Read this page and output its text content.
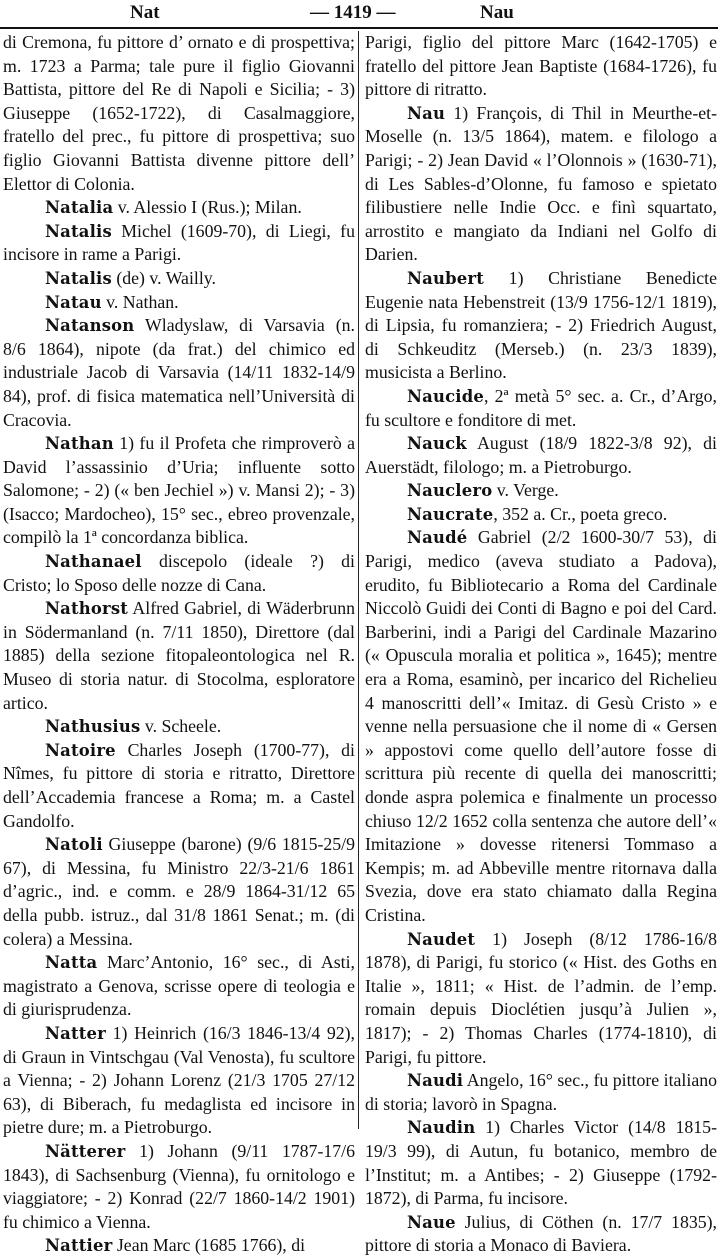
Nat	— 1419 —	Nau

di Cremona, fu pittore d’ ornato e di prospettiva; m. 1723 a Parma; tale pure il figlio Giovanni Battista, pittore del Re di Napoli e Sicilia; - 3) Giuseppe (1652-1722), di Casalmaggiore, fratello del prec., fu pittore di prospettiva; suo figlio Giovanni Battista divenne pittore dell’ Elettor di Colonia.

Natalia v. Alessio I (Rus.); Milan.

Natalis Michel (1609-70), di Liegi, fu incisore in rame a Parigi.

Natalis (de) v. Wailly.

Natau v. Nathan.

Natanson Wladyslaw, di Varsavia (n. 8/6 1864), nipote (da frat.) del chimico ed industriale Jacob di Varsavia (14/11 1832-14/9 84), prof. di fisica matematica nell’Università di Cracovia.

Nathan 1) fu il Profeta che rimproverò a David l’assassinio d’Uria; influente sotto Salomone; - 2) (« ben Jechiel ») v. Mansi 2); - 3) (Isacco; Mardocheo), 15° sec., ebreo provenzale, compilò la 1ª concordanza biblica.

Nathanael discepolo (ideale ?) di Cristo; lo Sposo delle nozze di Cana.

Nathorst Alfred Gabriel, di Wäderbrunn in Södermanland (n. 7/11 1850), Direttore (dal 1885) della sezione fitopaleontologica nel R. Museo di storia natur. di Stocolma, esploratore artico.

Nathusius v. Scheele.

Natoire Charles Joseph (1700-77), di Nîmes, fu pittore di storia e ritratto, Direttore dell’Accademia francese a Roma; m. a Castel Gandolfo.

Natoli Giuseppe (barone) (9/6 1815-25/9 67), di Messina, fu Ministro 22/3-21/6 1861 d’agric., ind. e comm. e 28/9 1864-31/12 65 della pubb. istruz., dal 31/8 1861 Senat.; m. (di colera) a Messina.

Natta Marc’Antonio, 16° sec., di Asti, magistrato a Genova, scrisse opere di teologia e di giurisprudenza.

Natter 1) Heinrich (16/3 1846-13/4 92), di Graun in Vintschgau (Val Venosta), fu scultore a Vienna; - 2) Johann Lorenz (21/3 1705 27/12 63), di Biberach, fu medaglista ed incisore in pietre dure; m. a Pietroburgo.

Nätterer 1) Johann (9/11 1787-17/6 1843), di Sachsenburg (Vienna), fu ornitologo e viaggiatore; - 2) Konrad (22/7 1860-14/2 1901) fu chimico a Vienna.

Nattier Jean Marc (1685 1766), di

Parigi, figlio del pittore Marc (1642-1705) e fratello del pittore Jean Baptiste (1684-1726), fu pittore di ritratto.

Nau 1) François, di Thil in Meurthe-et-Moselle (n. 13/5 1864), matem. e filologo a Parigi; - 2) Jean David « l’Olonnois » (1630-71), di Les Sables-d’Olonne, fu famoso e spietato filibustiere nelle Indie Occ. e finì squartato, arrostito e mangiato da Indiani nel Golfo di Darien.

Naubert 1) Christiane Benedicte Eugenie nata Hebenstreit (13/9 1756-12/1 1819), di Lipsia, fu romanziera; - 2) Friedrich August, di Schkeuditz (Merseb.) (n. 23/3 1839), musicista a Berlino.

Naucide, 2ª metà 5° sec. a. Cr., d’Argo, fu scultore e fonditore di met.

Nauck August (18/9 1822-3/8 92), di Auerstädt, filologo; m. a Pietroburgo.

Nauclero v. Verge.

Naucrate, 352 a. Cr., poeta greco.

Naudé Gabriel (2/2 1600-30/7 53), di Parigi, medico (aveva studiato a Padova), erudito, fu Bibliotecario a Roma del Cardinale Niccolò Guidi dei Conti di Bagno e poi del Card. Barberini, indi a Parigi del Cardinale Mazarino (« Opuscula moralia et politica », 1645); mentre era a Roma, esaminò, per incarico del Richelieu 4 manoscritti dell’« Imitaz. di Gesù Cristo » e venne nella persuasione che il nome di « Gersen » appostovi come quello dell’autore fosse di scrittura più recente di quella dei manoscritti; donde aspra polemica e finalmente un processo chiuso 12/2 1652 colla sentenza che autore dell’« Imitazione » dovesse ritenersi Tommaso a Kempis; m. ad Abbeville mentre ritornava dalla Svezia, dove era stato chiamato dalla Regina Cristina.

Naudet 1) Joseph (8/12 1786-16/8 1878), di Parigi, fu storico (« Hist. des Goths en Italie », 1811; « Hist. de l’admin. de l’emp. romain depuis Dioclétien jusqu’à Julien », 1817); - 2) Thomas Charles (1774-1810), di Parigi, fu pittore.

Naudi Angelo, 16° sec., fu pittore italiano di storia; lavorò in Spagna.

Naudin 1) Charles Victor (14/8 1815-19/3 99), di Autun, fu botanico, membro de l’Institut; m. a Antibes; - 2) Giuseppe (1792-1872), di Parma, fu incisore.

Naue Julius, di Cöthen (n. 17/7 1835), pittore di storia a Monaco di Baviera.
